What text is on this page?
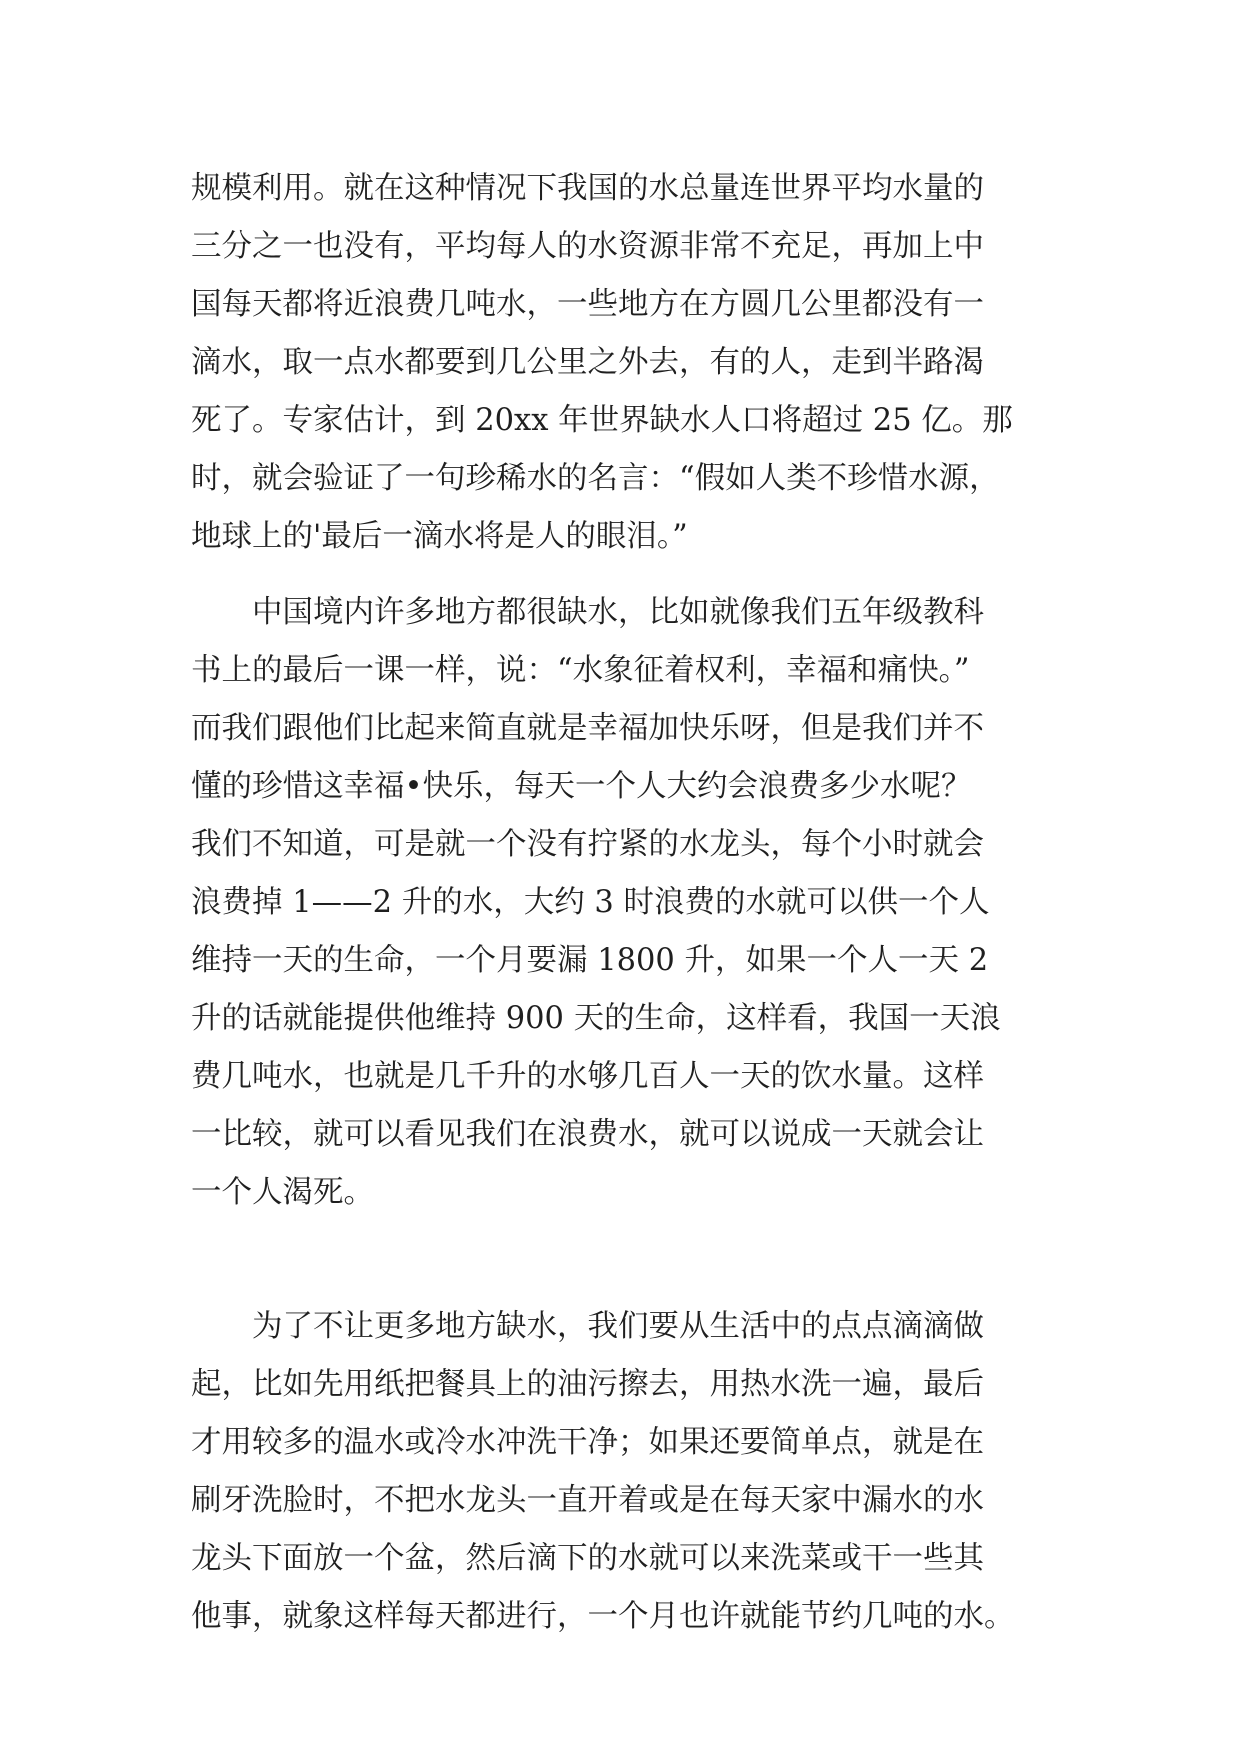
规模利用。就在这种情况下我国的水总量连世界平均水量的
三分之一也没有，平均每人的水资源非常不充足，再加上中
国每天都将近浪费几吨水，一些地方在方圆几公里都没有一
滴水，取一点水都要到几公里之外去，有的人，走到半路渴
死了。专家估计，到 20xx 年世界缺水人口将超过 25 亿。那
时，就会验证了一句珍稀水的名言：“假如人类不珍惜水源，
地球上的'最后一滴水将是人的眼泪。”
　　中国境内许多地方都很缺水，比如就像我们五年级教科
书上的最后一课一样，说：“水象征着权利，幸福和痛快。”
而我们跟他们比起来简直就是幸福加快乐呀，但是我们并不
懂的珍惜这幸福•快乐，每天一个人大约会浪费多少水呢？
我们不知道，可是就一个没有拧紧的水龙头，每个小时就会
浪费掉 1——2 升的水，大约 3 时浪费的水就可以供一个人
维持一天的生命，一个月要漏 1800 升，如果一个人一天 2
升的话就能提供他维持 900 天的生命，这样看，我国一天浪
费几吨水，也就是几千升的水够几百人一天的饮水量。这样
一比较，就可以看见我们在浪费水，就可以说成一天就会让
一个人渴死。
　　为了不让更多地方缺水，我们要从生活中的点点滴滴做
起，比如先用纸把餐具上的油污擦去，用热水洗一遍，最后
才用较多的温水或冷水冲洗干净；如果还要简单点，就是在
刷牙洗脸时，不把水龙头一直开着或是在每天家中漏水的水
龙头下面放一个盆，然后滴下的水就可以来洗菜或干一些其
他事，就象这样每天都进行，一个月也许就能节约几吨的水。
